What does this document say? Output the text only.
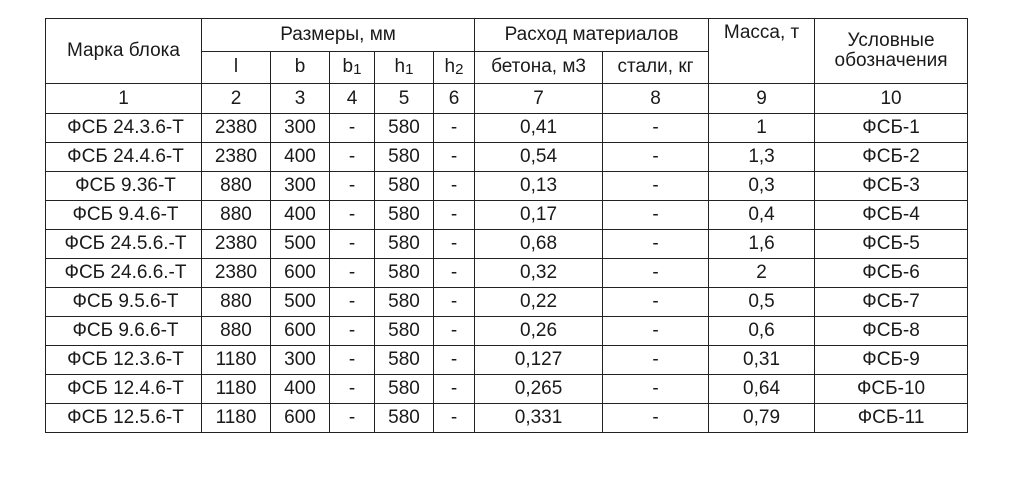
Марка блока	Размеры, мм					Расход материалов		Масса, т	Условные обозначения
	l	b	b1	h1	h2	бетона, м3	стали, кг		
1	2	3	4	5	6	7	8	9	10
ФСБ 24.3.6-Т	2380	300	-	580	-	0,41	-	1	ФСБ-1
ФСБ 24.4.6-Т	2380	400	-	580	-	0,54	-	1,3	ФСБ-2
ФСБ 9.36-Т	880	300	-	580	-	0,13	-	0,3	ФСБ-3
ФСБ 9.4.6-Т	880	400	-	580	-	0,17	-	0,4	ФСБ-4
ФСБ 24.5.6.-Т	2380	500	-	580	-	0,68	-	1,6	ФСБ-5
ФСБ 24.6.6.-Т	2380	600	-	580	-	0,32	-	2	ФСБ-6
ФСБ 9.5.6-Т	880	500	-	580	-	0,22	-	0,5	ФСБ-7
ФСБ 9.6.6-Т	880	600	-	580	-	0,26	-	0,6	ФСБ-8
ФСБ 12.3.6-Т	1180	300	-	580	-	0,127	-	0,31	ФСБ-9
ФСБ 12.4.6-Т	1180	400	-	580	-	0,265	-	0,64	ФСБ-10
ФСБ 12.5.6-Т	1180	600	-	580	-	0,331	-	0,79	ФСБ-11
